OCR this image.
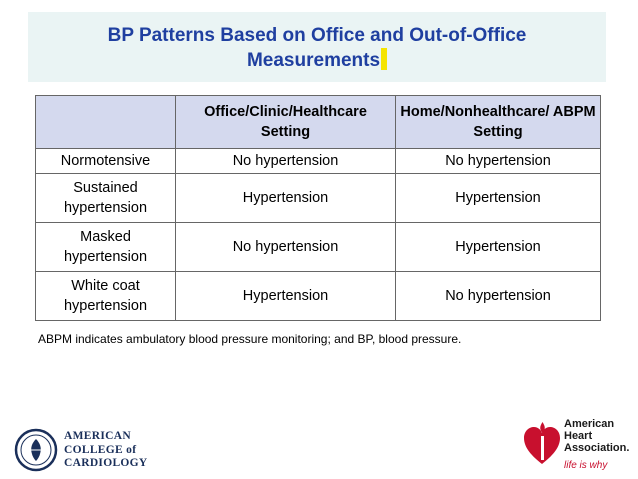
BP Patterns Based on Office and Out-of-Office
Measurements
	Office/Clinic/Healthcare Setting	Home/Nonhealthcare/ ABPM Setting
Normotensive	No hypertension	No hypertension
Sustained hypertension	Hypertension	Hypertension
Masked hypertension	No hypertension	Hypertension
White coat hypertension	Hypertension	No hypertension
ABPM indicates ambulatory blood pressure monitoring; and BP, blood pressure.
AMERICAN
COLLEGE of
CARDIOLOGY
American
Heart
Association.
life is why
